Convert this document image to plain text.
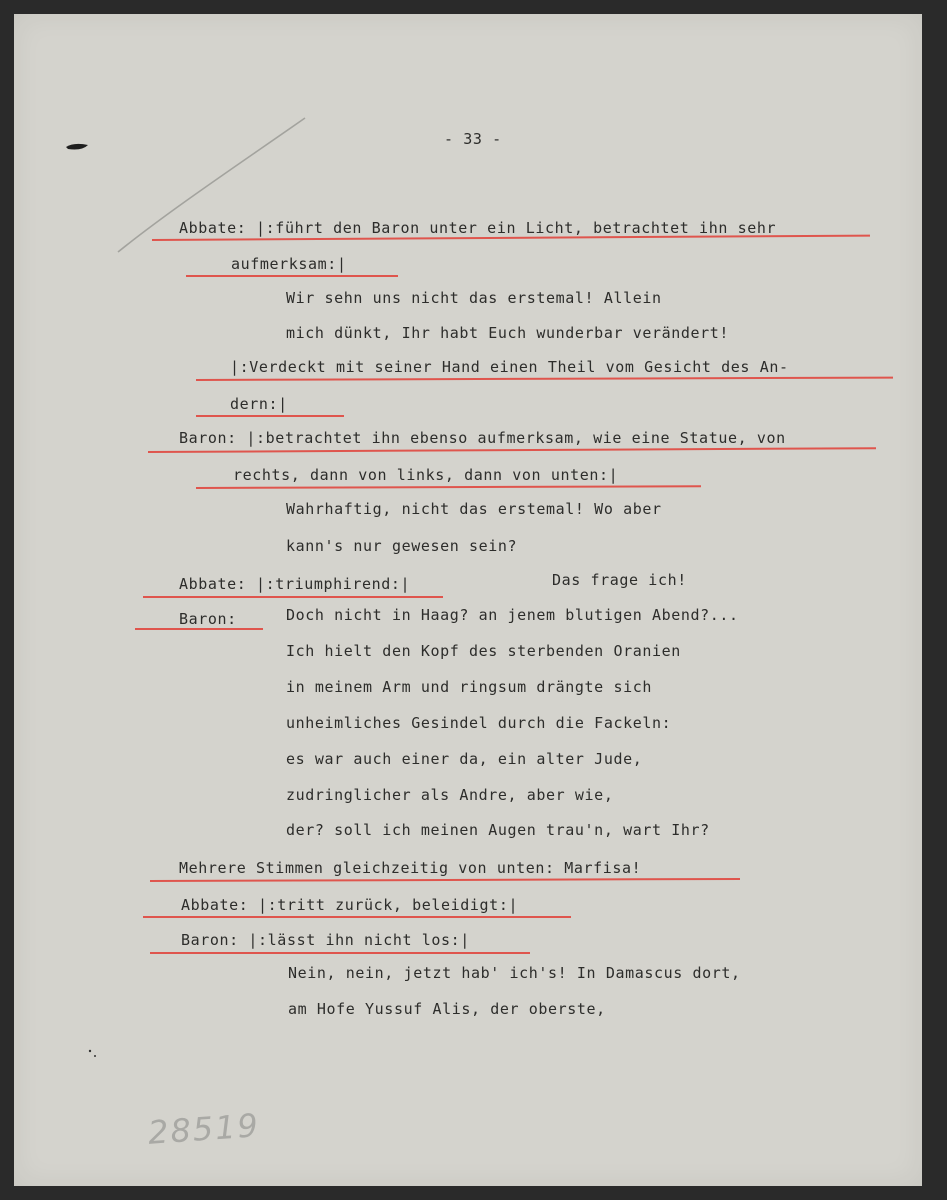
- 33 -
Abbate: |:führt den Baron unter ein Licht, betrachtet ihn sehr
aufmerksam:|
Wir sehn uns nicht das erstemal! Allein
mich dünkt, Ihr habt Euch wunderbar verändert!
|:Verdeckt mit seiner Hand einen Theil vom Gesicht des An-
dern:|
Baron: |:betrachtet ihn ebenso aufmerksam, wie eine Statue, von
rechts, dann von links, dann von unten:|
Wahrhaftig, nicht das erstemal! Wo aber
kann's nur gewesen sein?
Abbate: |:triumphirend:|	Das frage ich!
Baron:	Doch nicht in Haag? an jenem blutigen Abend?...
Ich hielt den Kopf des sterbenden Oranien
in meinem Arm und ringsum drängte sich
unheimliches Gesindel durch die Fackeln:
es war auch einer da, ein alter Jude,
zudringlicher als Andre, aber wie,
der? soll ich meinen Augen trau'n, wart Ihr?
Mehrere Stimmen gleichzeitig von unten: Marfisa!
Abbate: |:tritt zurück, beleidigt:|
Baron: |:lässt ihn nicht los:|
Nein, nein, jetzt hab' ich's! In Damascus dort,
am Hofe Yussuf Alis, der oberste,
28519
